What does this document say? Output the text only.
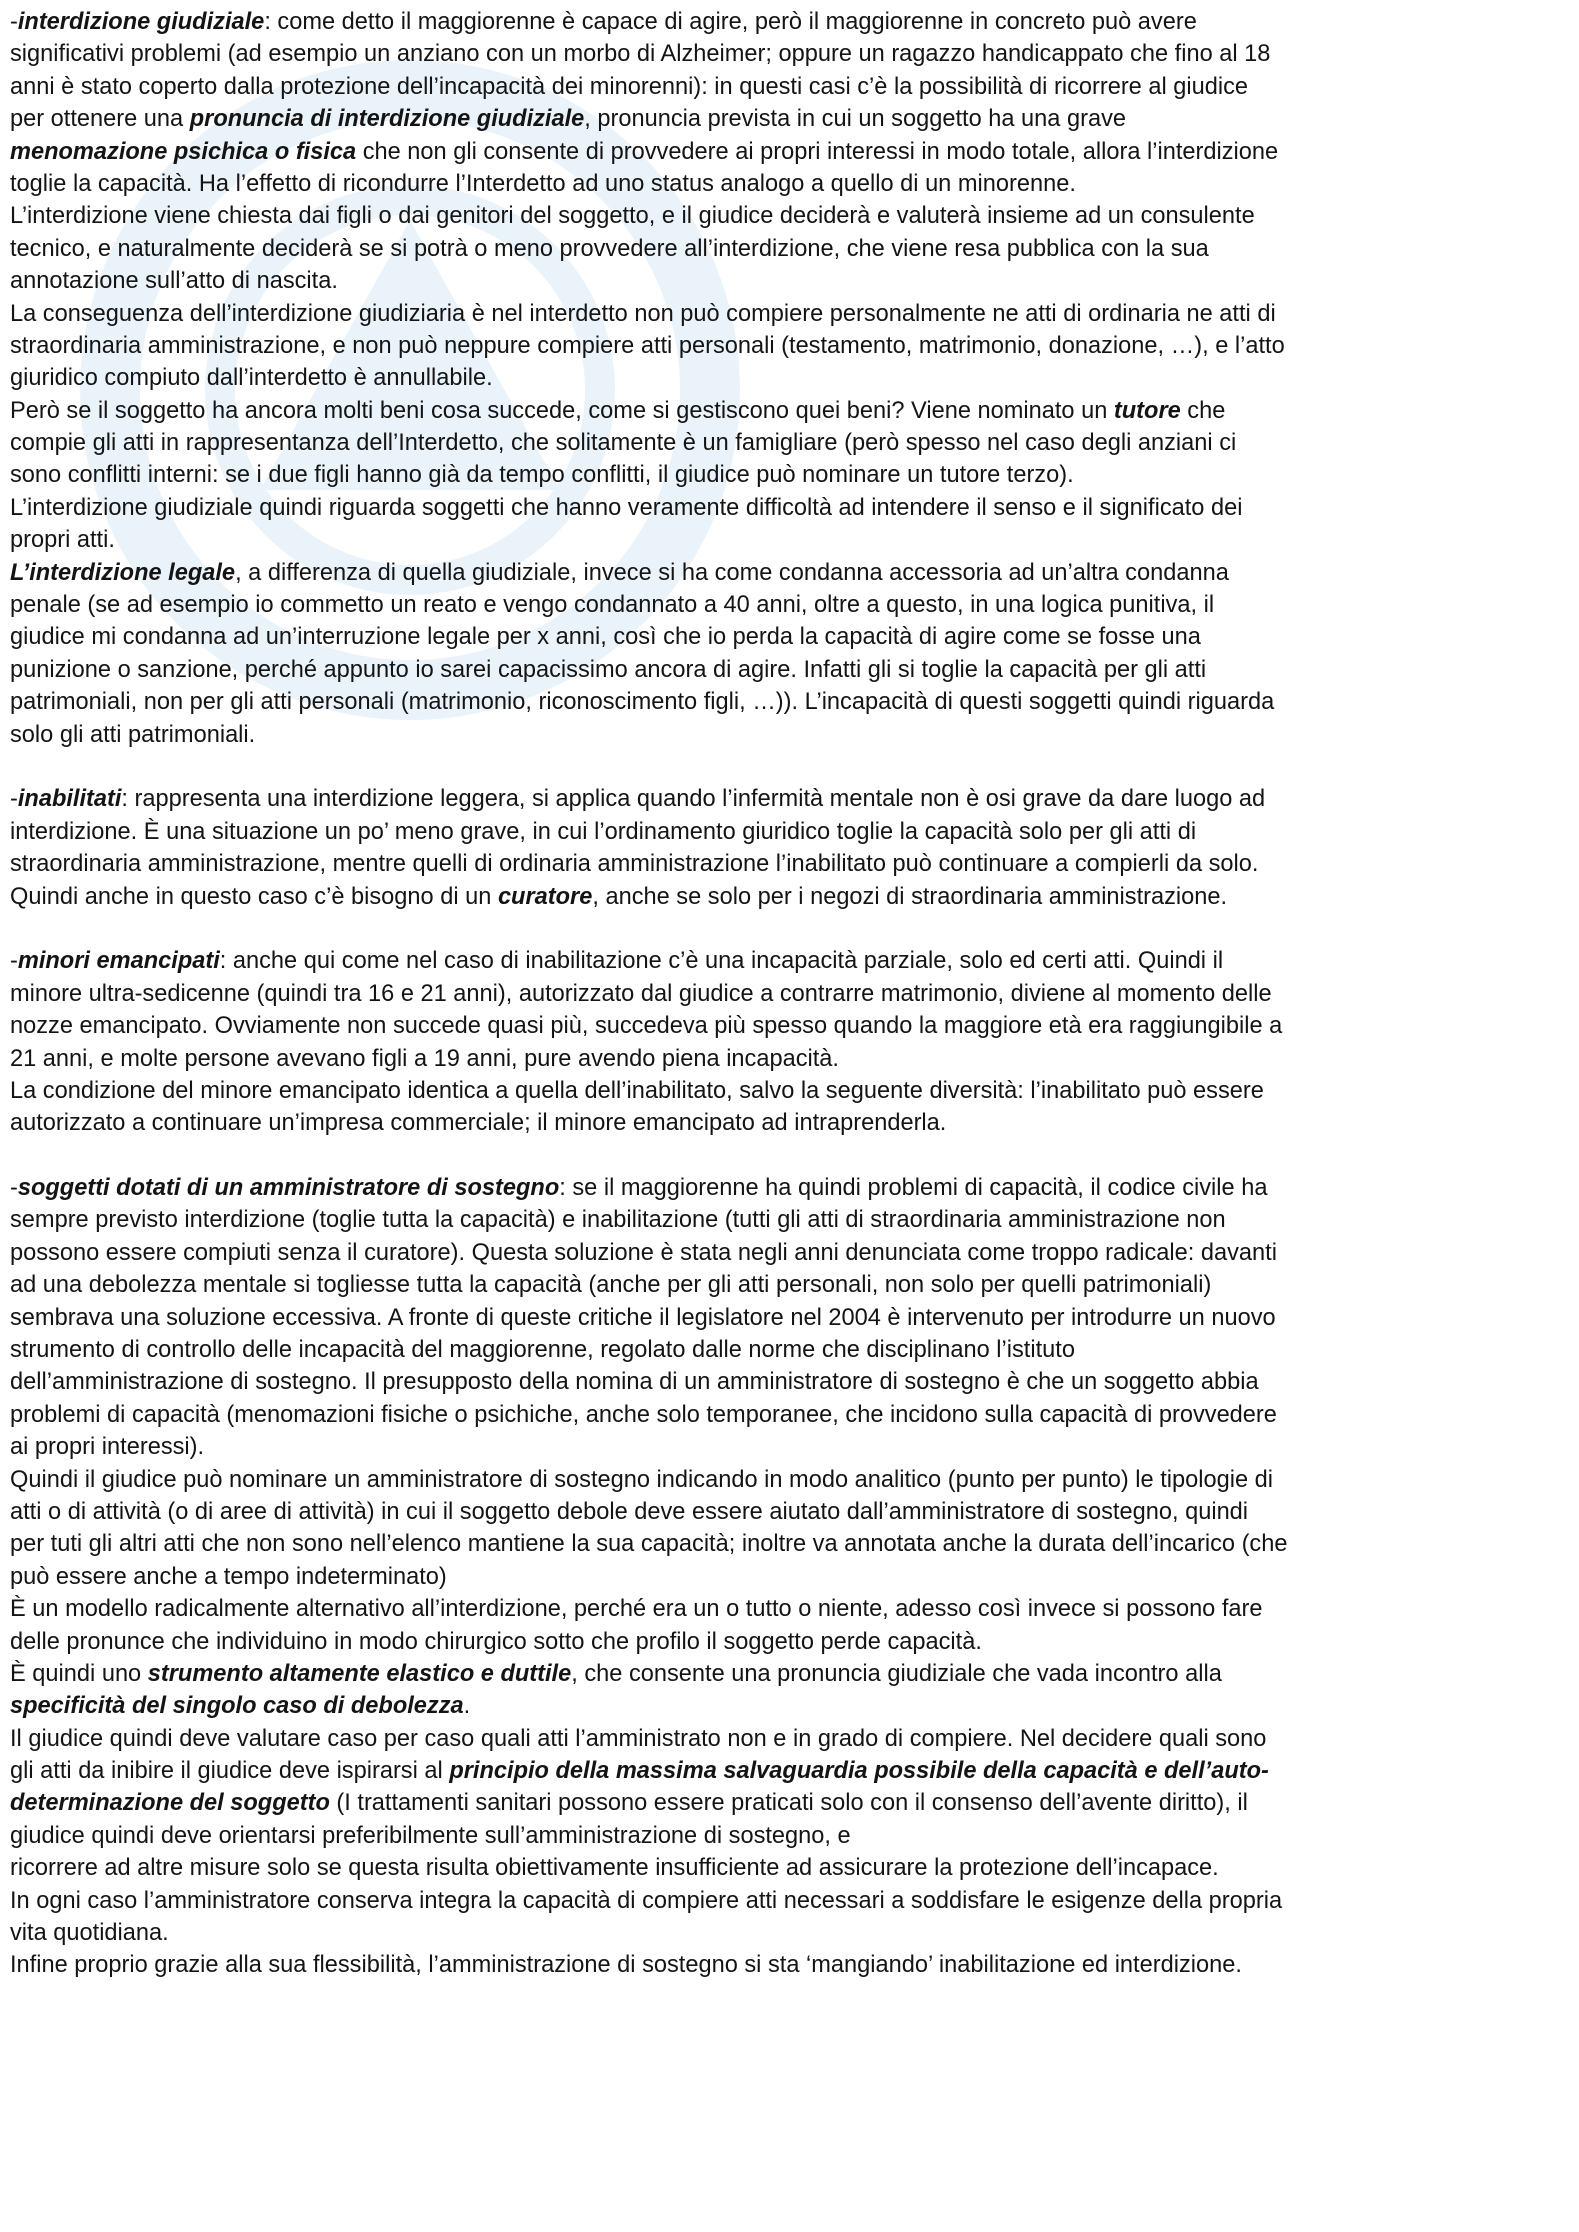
-interdizione giudiziale: come detto il maggiorenne è capace di agire, però il maggiorenne in concreto può avere
significativi problemi (ad esempio un anziano con un morbo di Alzheimer; oppure un ragazzo handicappato che fino al 18
anni è stato coperto dalla protezione dell’incapacità dei minorenni): in questi casi c’è la possibilità di ricorrere al giudice
per ottenere una pronuncia di interdizione giudiziale, pronuncia prevista in cui un soggetto ha una grave
menomazione psichica o fisica che non gli consente di provvedere ai propri interessi in modo totale, allora l’interdizione
toglie la capacità. Ha l’effetto di ricondurre l’Interdetto ad uno status analogo a quello di un minorenne.
L’interdizione viene chiesta dai figli o dai genitori del soggetto, e il giudice deciderà e valuterà insieme ad un consulente
tecnico, e naturalmente deciderà se si potrà o meno provvedere all’interdizione, che viene resa pubblica con la sua
annotazione sull’atto di nascita.
La conseguenza dell’interdizione giudiziaria è nel interdetto non può compiere personalmente ne atti di ordinaria ne atti di
straordinaria amministrazione, e non può neppure compiere atti personali (testamento, matrimonio, donazione, …), e l’atto
giuridico compiuto dall’interdetto è annullabile.
Però se il soggetto ha ancora molti beni cosa succede, come si gestiscono quei beni? Viene nominato un tutore che
compie gli atti in rappresentanza dell’Interdetto, che solitamente è un famigliare (però spesso nel caso degli anziani ci
sono conflitti interni: se i due figli hanno già da tempo conflitti, il giudice può nominare un tutore terzo).
L’interdizione giudiziale quindi riguarda soggetti che hanno veramente difficoltà ad intendere il senso e il significato dei
propri atti.
L’interdizione legale, a differenza di quella giudiziale, invece si ha come condanna accessoria ad un’altra condanna
penale (se ad esempio io commetto un reato e vengo condannato a 40 anni, oltre a questo, in una logica punitiva, il
giudice mi condanna ad un’interruzione legale per x anni, così che io perda la capacità di agire come se fosse una
punizione o sanzione, perché appunto io sarei capacissimo ancora di agire. Infatti gli si toglie la capacità per gli atti
patrimoniali, non per gli atti personali (matrimonio, riconoscimento figli, …)). L’incapacità di questi soggetti quindi riguarda
solo gli atti patrimoniali.
-inabilitati: rappresenta una interdizione leggera, si applica quando l’infermità mentale non è osi grave da dare luogo ad
interdizione. È una situazione un po’ meno grave, in cui l’ordinamento giuridico toglie la capacità solo per gli atti di
straordinaria amministrazione, mentre quelli di ordinaria amministrazione l’inabilitato può continuare a compierli da solo.
Quindi anche in questo caso c’è bisogno di un curatore, anche se solo per i negozi di straordinaria amministrazione.
-minori emancipati: anche qui come nel caso di inabilitazione c’è una incapacità parziale, solo ed certi atti. Quindi il
minore ultra-sedicenne (quindi tra 16 e 21 anni), autorizzato dal giudice a contrarre matrimonio, diviene al momento delle
nozze emancipato. Ovviamente non succede quasi più, succedeva più spesso quando la maggiore età era raggiungibile a
21 anni, e molte persone avevano figli a 19 anni, pure avendo piena incapacità.
La condizione del minore emancipato identica a quella dell’inabilitato, salvo la seguente diversità: l’inabilitato può essere
autorizzato a continuare un’impresa commerciale; il minore emancipato ad intraprenderla.
-soggetti dotati di un amministratore di sostegno: se il maggiorenne ha quindi problemi di capacità, il codice civile ha
sempre previsto interdizione (toglie tutta la capacità) e inabilitazione (tutti gli atti di straordinaria amministrazione non
possono essere compiuti senza il curatore). Questa soluzione è stata negli anni denunciata come troppo radicale: davanti
ad una debolezza mentale si togliesse tutta la capacità (anche per gli atti personali, non solo per quelli patrimoniali)
sembrava una soluzione eccessiva. A fronte di queste critiche il legislatore nel 2004 è intervenuto per introdurre un nuovo
strumento di controllo delle incapacità del maggiorenne, regolato dalle norme che disciplinano l’istituto
dell’amministrazione di sostegno. Il presupposto della nomina di un amministratore di sostegno è che un soggetto abbia
problemi di capacità (menomazioni fisiche o psichiche, anche solo temporanee, che incidono sulla capacità di provvedere
ai propri interessi).
Quindi il giudice può nominare un amministratore di sostegno indicando in modo analitico (punto per punto) le tipologie di
atti o di attività (o di aree di attività) in cui il soggetto debole deve essere aiutato dall’amministratore di sostegno, quindi
per tuti gli altri atti che non sono nell’elenco mantiene la sua capacità; inoltre va annotata anche la durata dell’incarico (che
può essere anche a tempo indeterminato)
È un modello radicalmente alternativo all’interdizione, perché era un o tutto o niente, adesso così invece si possono fare
delle pronunce che individuino in modo chirurgico sotto che profilo il soggetto perde capacità.
È quindi uno strumento altamente elastico e duttile, che consente una pronuncia giudiziale che vada incontro alla
specificità del singolo caso di debolezza.
Il giudice quindi deve valutare caso per caso quali atti l’amministrato non e in grado di compiere. Nel decidere quali sono
gli atti da inibire il giudice deve ispirarsi al principio della massima salvaguardia possibile della capacità e dell’auto-
determinazione del soggetto (I trattamenti sanitari possono essere praticati solo con il consenso dell’avente diritto), il
giudice quindi deve orientarsi preferibilmente sull’amministrazione di sostegno, e
ricorrere ad altre misure solo se questa risulta obiettivamente insufficiente ad assicurare la protezione dell’incapace.
In ogni caso l’amministratore conserva integra la capacità di compiere atti necessari a soddisfare le esigenze della propria
vita quotidiana.
Infine proprio grazie alla sua flessibilità, l’amministrazione di sostegno si sta ‘mangiando’ inabilitazione ed interdizione.
